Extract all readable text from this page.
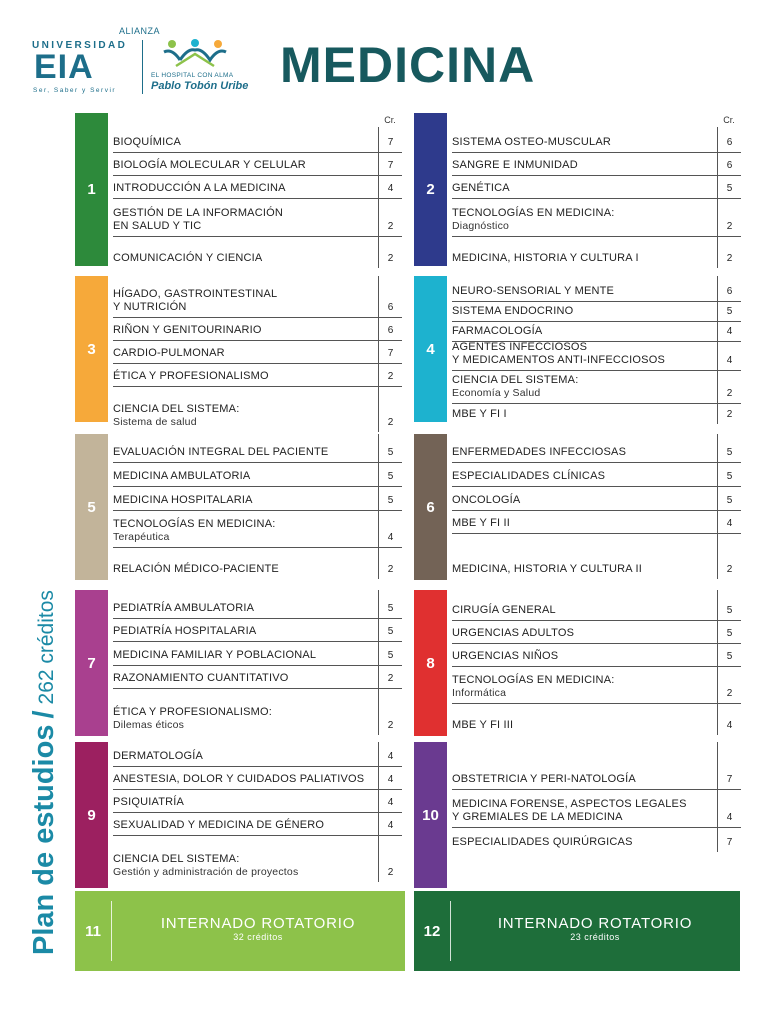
ALIANZA
UNIVERSIDAD
EIA
Ser, Saber y Servir
EL HOSPITAL CON ALMA
Pablo Tobón Uribe MEDICINA
Plan de estudios/262 créditos
1
Cr.
BIOQUÍMICA	7
BIOLOGÍA MOLECULAR Y CELULAR	7
INTRODUCCIÓN A LA MEDICINA	4
GESTIÓN DE LA INFORMACIÓN
EN SALUD Y TIC	2
COMUNICACIÓN Y CIENCIA	2
2
Cr.
SISTEMA OSTEO-MUSCULAR	6
SANGRE E INMUNIDAD	6
GENÉTICA	5
TECNOLOGÍAS EN MEDICINA:
Diagnóstico	2
MEDICINA, HISTORIA Y CULTURA I	2
3
HÍGADO, GASTROINTESTINAL
Y NUTRICIÓN	6
RIÑON Y GENITOURINARIO	6
CARDIO-PULMONAR	7
ÉTICA Y PROFESIONALISMO	2
CIENCIA DEL SISTEMA:
Sistema de salud	2
4
NEURO-SENSORIAL Y MENTE	6
SISTEMA ENDOCRINO	5
FARMACOLOGÍA	4
AGENTES INFECCIOSOS
Y MEDICAMENTOS ANTI-INFECCIOSOS	4
CIENCIA DEL SISTEMA:
Economía y Salud	2
MBE Y FI I	2
5
EVALUACIÓN INTEGRAL DEL PACIENTE	5
MEDICINA AMBULATORIA	5
MEDICINA HOSPITALARIA	5
TECNOLOGÍAS EN MEDICINA:
Terapéutica	4
RELACIÓN MÉDICO-PACIENTE	2
6
ENFERMEDADES INFECCIOSAS	5
ESPECIALIDADES CLÍNICAS	5
ONCOLOGÍA	5
MBE Y FI II	4
MEDICINA, HISTORIA Y CULTURA II	2
7
PEDIATRÍA AMBULATORIA	5
PEDIATRÍA HOSPITALARIA	5
MEDICINA FAMILIAR Y POBLACIONAL	5
RAZONAMIENTO CUANTITATIVO	2
ÉTICA Y PROFESIONALISMO:
Dilemas éticos	2
8
CIRUGÍA GENERAL	5
URGENCIAS ADULTOS	5
URGENCIAS NIÑOS	5
TECNOLOGÍAS EN MEDICINA:
Informática	2
MBE Y FI III	4
9
DERMATOLOGÍA	4
ANESTESIA, DOLOR Y CUIDADOS PALIATIVOS	4
PSIQUIATRÍA	4
SEXUALIDAD Y MEDICINA DE GÉNERO	4
CIENCIA DEL SISTEMA:
Gestión y administración de proyectos	2
10
OBSTETRICIA Y PERI-NATOLOGÍA	7
MEDICINA FORENSE, ASPECTOS LEGALES
Y GREMIALES DE LA MEDICINA	4
ESPECIALIDADES QUIRÚRGICAS	7
11	INTERNADO ROTATORIO
32 créditos	12	INTERNADO ROTATORIO
23 créditos
